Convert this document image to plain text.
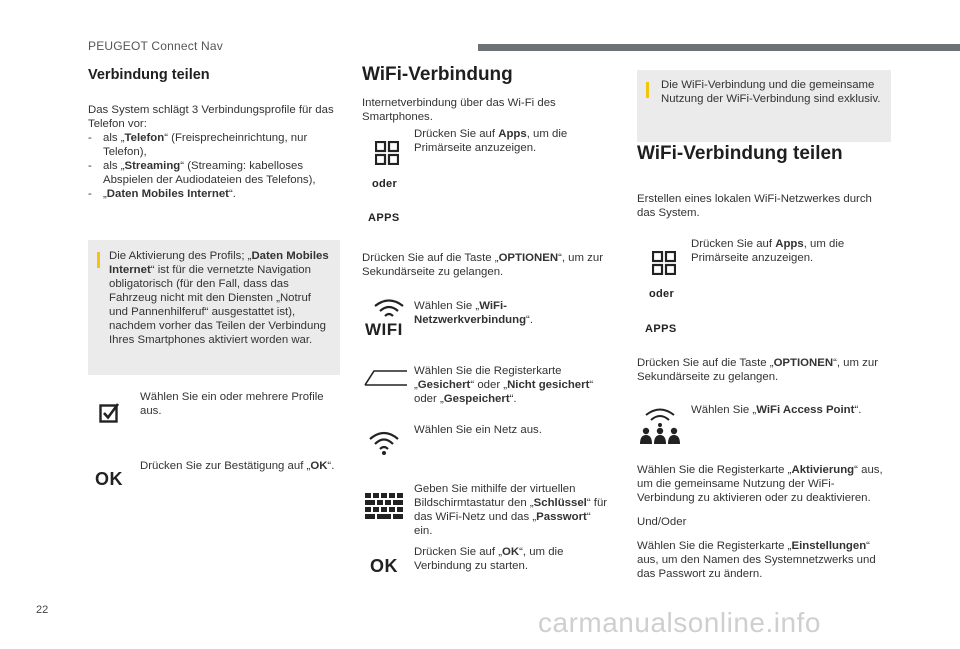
PEUGEOT Connect Nav
Verbindung teilen

Das System schlägt 3 Verbindungsprofile für das Telefon vor:

- als „Telefon“ (Freisprecheinrichtung, nur Telefon),
- als „Streaming“ (Streaming: kabelloses Abspielen der Audiodateien des Telefons),
- „Daten Mobiles Internet“.

Die Aktivierung des Profils; „Daten Mobiles Internet“ ist für die vernetzte Navigation obligatorisch (für den Fall, dass das Fahrzeug nicht mit den Diensten „Notruf und Pannenhilferuf“ ausgestattet ist), nachdem vorher das Teilen der Verbindung Ihres Smartphones aktiviert worden war.

Wählen Sie ein oder mehrere Profile aus.

OK

Drücken Sie zur Bestätigung auf „OK“.

WiFi-Verbindung

Internetverbindung über das Wi-Fi des Smartphones.

Drücken Sie auf Apps, um die Primärseite anzuzeigen.

oder
APPS

Drücken Sie auf die Taste „OPTIONEN“, um zur Sekundärseite zu gelangen.

WIFI

Wählen Sie „WiFi-Netzwerkverbindung“.

Wählen Sie die Registerkarte „Gesichert“ oder „Nicht gesichert“ oder „Gespeichert“.

Wählen Sie ein Netz aus.

Geben Sie mithilfe der virtuellen Bildschirmtastatur den „Schlüssel“ für das WiFi-Netz und das „Passwort“ ein.

OK

Drücken Sie auf „OK“, um die Verbindung zu starten.

Die WiFi-Verbindung und die gemeinsame Nutzung der WiFi-Verbindung sind exklusiv.

WiFi-Verbindung teilen

Erstellen eines lokalen WiFi-Netzwerkes durch das System.

Drücken Sie auf Apps, um die Primärseite anzuzeigen.

oder
APPS

Drücken Sie auf die Taste „OPTIONEN“, um zur Sekundärseite zu gelangen.

Wählen Sie „WiFi Access Point“.

Wählen Sie die Registerkarte „Aktivierung“ aus, um die gemeinsame Nutzung der WiFi-Verbindung zu aktivieren oder zu deaktivieren.

Und/Oder

Wählen Sie die Registerkarte „Einstellungen“ aus, um den Namen des Systemnetzwerks und das Passwort zu ändern.

22	carmanualsonline.info
